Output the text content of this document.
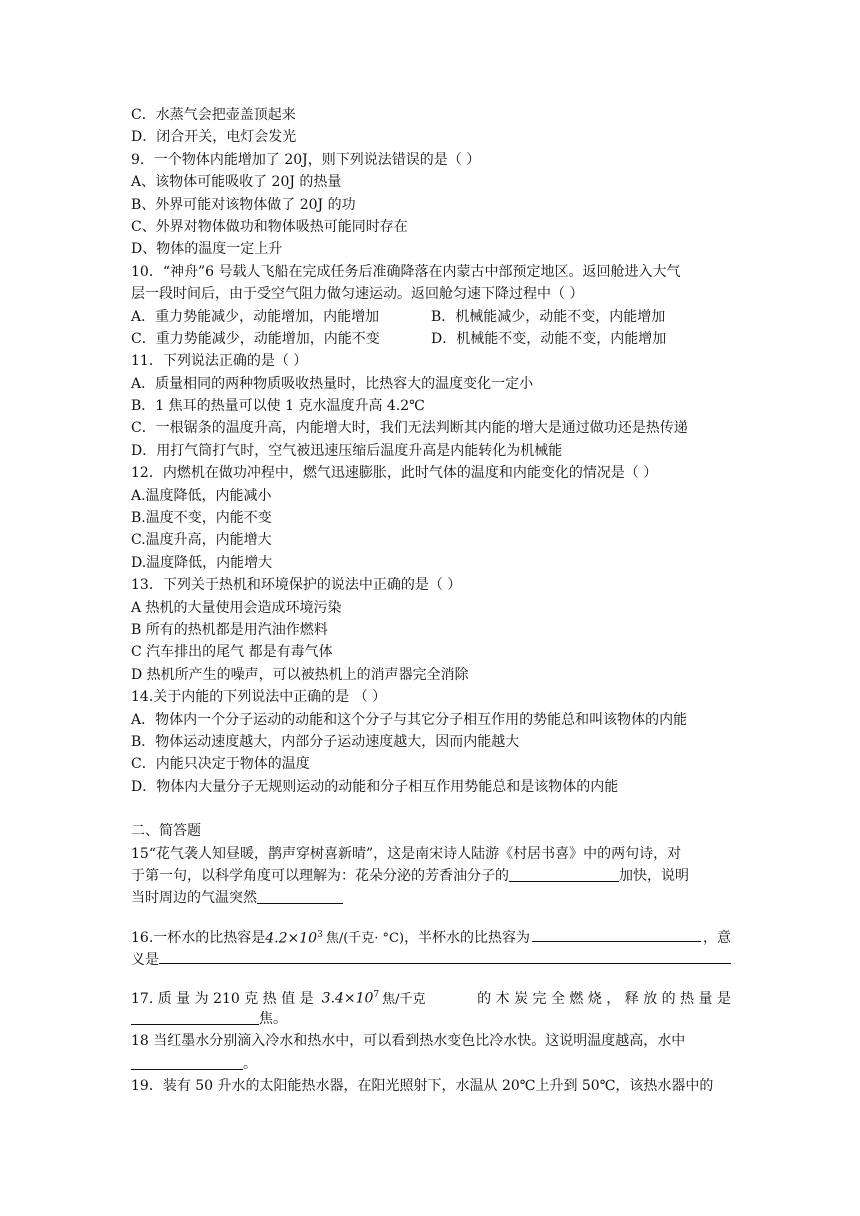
C．水蒸气会把壶盖顶起来
D．闭合开关，电灯会发光
9．一个物体内能增加了 20J，则下列说法错误的是（ ）
A、该物体可能吸收了 20J 的热量
B、外界可能对该物体做了 20J 的功
C、外界对物体做功和物体吸热可能同时存在
D、物体的温度一定上升
10．“神舟”6 号载人飞船在完成任务后准确降落在内蒙古中部预定地区。返回舱进入大气
层一段时间后，由于受空气阻力做匀速运动。返回舱匀速下降过程中（ ）
A．重力势能减少，动能增加，内能增加	B．机械能减少，动能不变，内能增加
C．重力势能减少，动能增加，内能不变	D．机械能不变，动能不变，内能增加
11．下列说法正确的是（ ）
A．质量相同的两种物质吸收热量时，比热容大的温度变化一定小
B．1 焦耳的热量可以使 1 克水温度升高 4.2℃
C．一根锯条的温度升高，内能增大时，我们无法判断其内能的增大是通过做功还是热传递
D．用打气筒打气时，空气被迅速压缩后温度升高是内能转化为机械能
12．内燃机在做功冲程中，燃气迅速膨胀，此时气体的温度和内能变化的情况是（ ）
A.温度降低，内能减小
B.温度不变，内能不变
C.温度升高，内能增大
D.温度降低，内能增大
13．下列关于热机和环境保护的说法中正确的是（ ）
A 热机的大量使用会造成环境污染
B 所有的热机都是用汽油作燃料
C 汽车排出的尾气 都是有毒气体
D 热机所产生的噪声，可以被热机上的消声器完全消除
14.关于内能的下列说法中正确的是 （ ）
A．物体内一个分子运动的动能和这个分子与其它分子相互作用的势能总和叫该物体的内能
B．物体运动速度越大，内部分子运动速度越大，因而内能越大
C．内能只决定于物体的温度
D．物体内大量分子无规则运动的动能和分子相互作用势能总和是该物体的内能
二、简答题
15“花气袭人知昼暖，鹊声穿树喜新晴”，这是南宋诗人陆游《村居书喜》中的两句诗，对
于第一句，以科学角度可以理解为：花朵分泌的芳香油分子的	加快，说明
当时周边的气温突然
16.一杯水的比热容是 $4.2\times 10^3$ 焦/(千克· °C) ，半杯水的比热容为	，意
义是
17. 质 量 为 210 克 热 值 是 $3.4\times 10^7$ 焦/千克	的 木 炭 完 全 燃 烧 ， 释 放 的 热 量 是
焦。
18 当红墨水分别滴入冷水和热水中，可以看到热水变色比冷水快。这说明温度越高，水中
。
19．装有 50 升水的太阳能热水器，在阳光照射下，水温从 20℃上升到 50℃，该热水器中的
